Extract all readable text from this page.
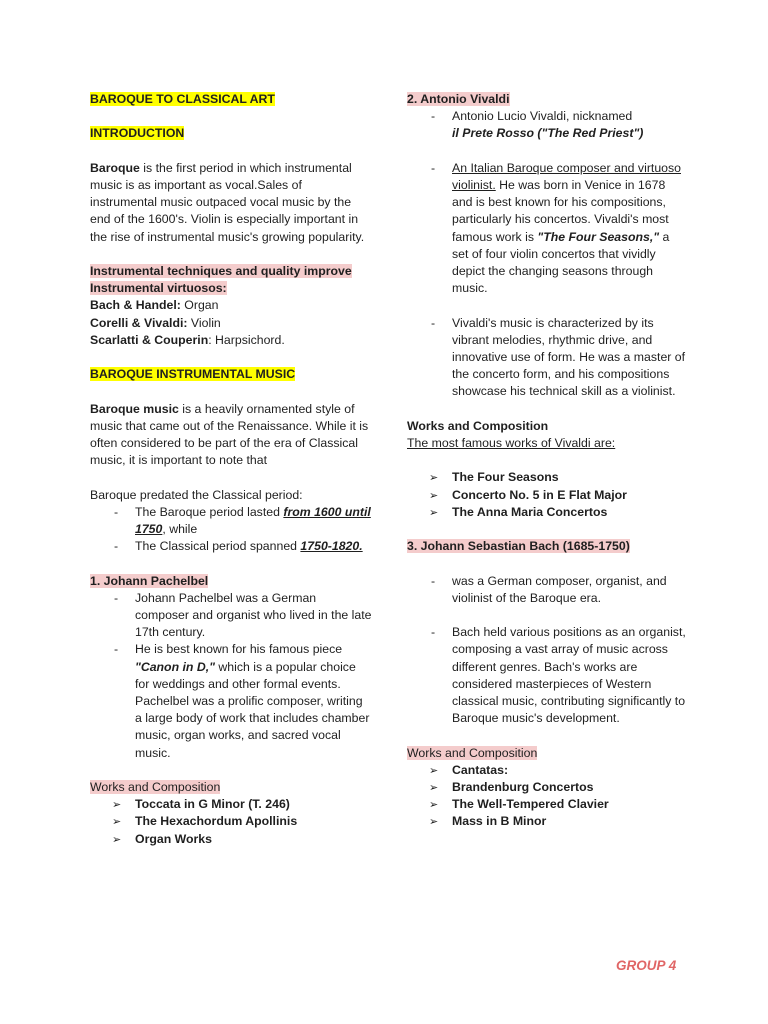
BAROQUE TO CLASSICAL ART

INTRODUCTION

Baroque is the first period in which instrumental music is as important as vocal.Sales of instrumental music outpaced vocal music by the end of the 1600's. Violin is especially important in the rise of instrumental music's growing popularity.

Instrumental techniques and quality improve

Instrumental virtuosos:

Bach & Handel: Organ

Corelli & Vivaldi: Violin

Scarlatti & Couperin: Harpsichord.

BAROQUE INSTRUMENTAL MUSIC

Baroque music is a heavily ornamented style of music that came out of the Renaissance. While it is often considered to be part of the era of Classical music, it is important to note that

Baroque predated the Classical period:

- The Baroque period lasted from 1600 until 1750, while
- The Classical period spanned 1750-1820.

1. Johann Pachelbel

- Johann Pachelbel was a German composer and organist who lived in the late 17th century.
- He is best known for his famous piece "Canon in D," which is a popular choice for weddings and other formal events. Pachelbel was a prolific composer, writing a large body of work that includes chamber music, organ works, and sacred vocal music.

Works and Composition

➢ Toccata in G Minor (T. 246)
➢ The Hexachordum Apollinis
➢ Organ Works

2. Antonio Vivaldi

- Antonio Lucio Vivaldi, nicknamed
il Prete Rosso ("The Red Priest")
- An Italian Baroque composer and virtuoso violinist. He was born in Venice in 1678 and is best known for his compositions, particularly his concertos. Vivaldi's most famous work is "The Four Seasons," a set of four violin concertos that vividly depict the changing seasons through music.
- Vivaldi's music is characterized by its vibrant melodies, rhythmic drive, and innovative use of form. He was a master of the concerto form, and his compositions showcase his technical skill as a violinist.

Works and Composition

The most famous works of Vivaldi are:

➢ The Four Seasons
➢ Concerto No. 5 in E Flat Major
➢ The Anna Maria Concertos

3. Johann Sebastian Bach (1685-1750)

- was a German composer, organist, and violinist of the Baroque era.
- Bach held various positions as an organist, composing a vast array of music across different genres. Bach's works are considered masterpieces of Western classical music, contributing significantly to Baroque music's development.

Works and Composition

➢ Cantatas:
➢ Brandenburg Concertos
➢ The Well-Tempered Clavier
➢ Mass in B Minor
GROUP 4
